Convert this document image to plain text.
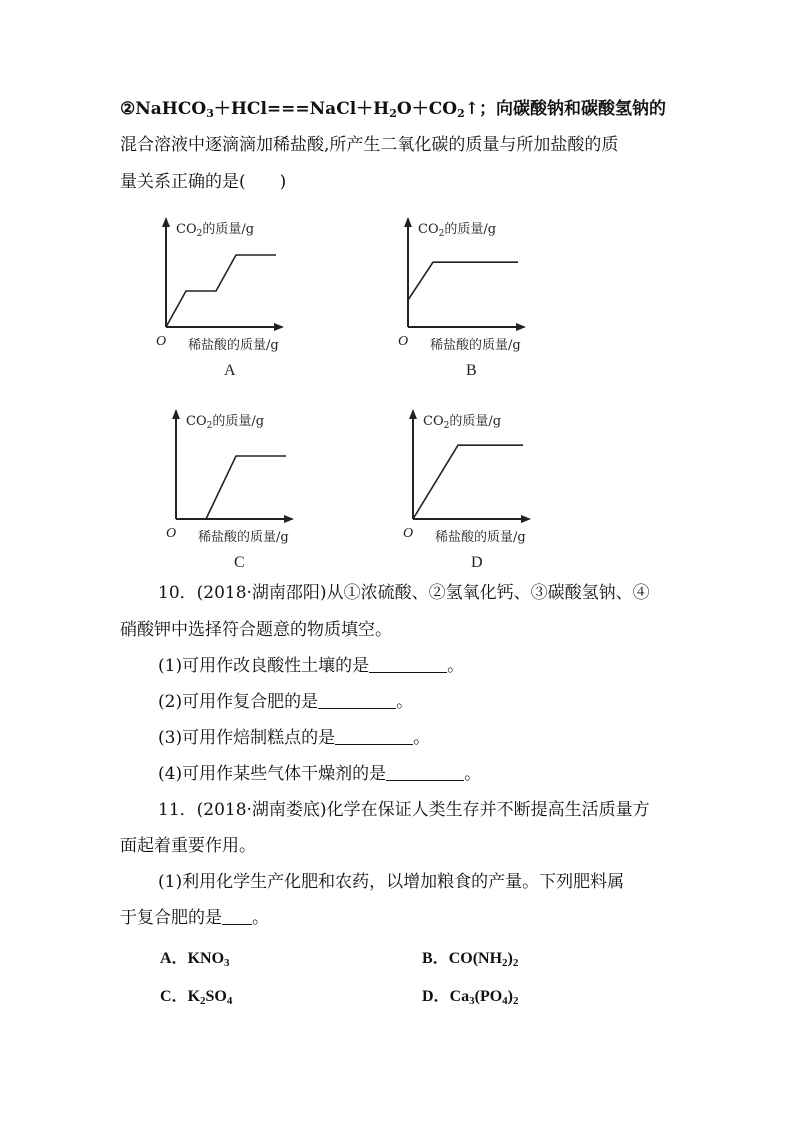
$②NaHCO_3+HCl===NaCl+H_2O+CO_2↑$；向碳酸钠和碳酸氢钠的
混合溶液中逐滴滴加稀盐酸,所产生二氧化碳的质量与所加盐酸的质
量关系正确的是(　　)
$CO_2$的质量/g
O 稀盐酸的质量/g
A
$CO_2$的质量/g
O 稀盐酸的质量/g
B
$CO_2$的质量/g
O 稀盐酸的质量/g
C
$CO_2$的质量/g
O 稀盐酸的质量/g
D
10．(2018·湖南邵阳)从①浓硫酸、②氢氧化钙、③碳酸氢钠、④
硝酸钾中选择符合题意的物质填空。
(1)可用作改良酸性土壤的是	。
(2)可用作复合肥的是	。
(3)可用作焙制糕点的是	。
(4)可用作某些气体干燥剂的是	。
11．(2018·湖南娄底)化学在保证人类生存并不断提高生活质量方
面起着重要作用。
(1)利用化学生产化肥和农药，以增加粮食的产量。下列肥料属
于复合肥的是 。
A．$KNO_3$	B．$CO(NH_2)_2$
C．$K_2SO_4$	D．$Ca_3(PO_4)_2$
